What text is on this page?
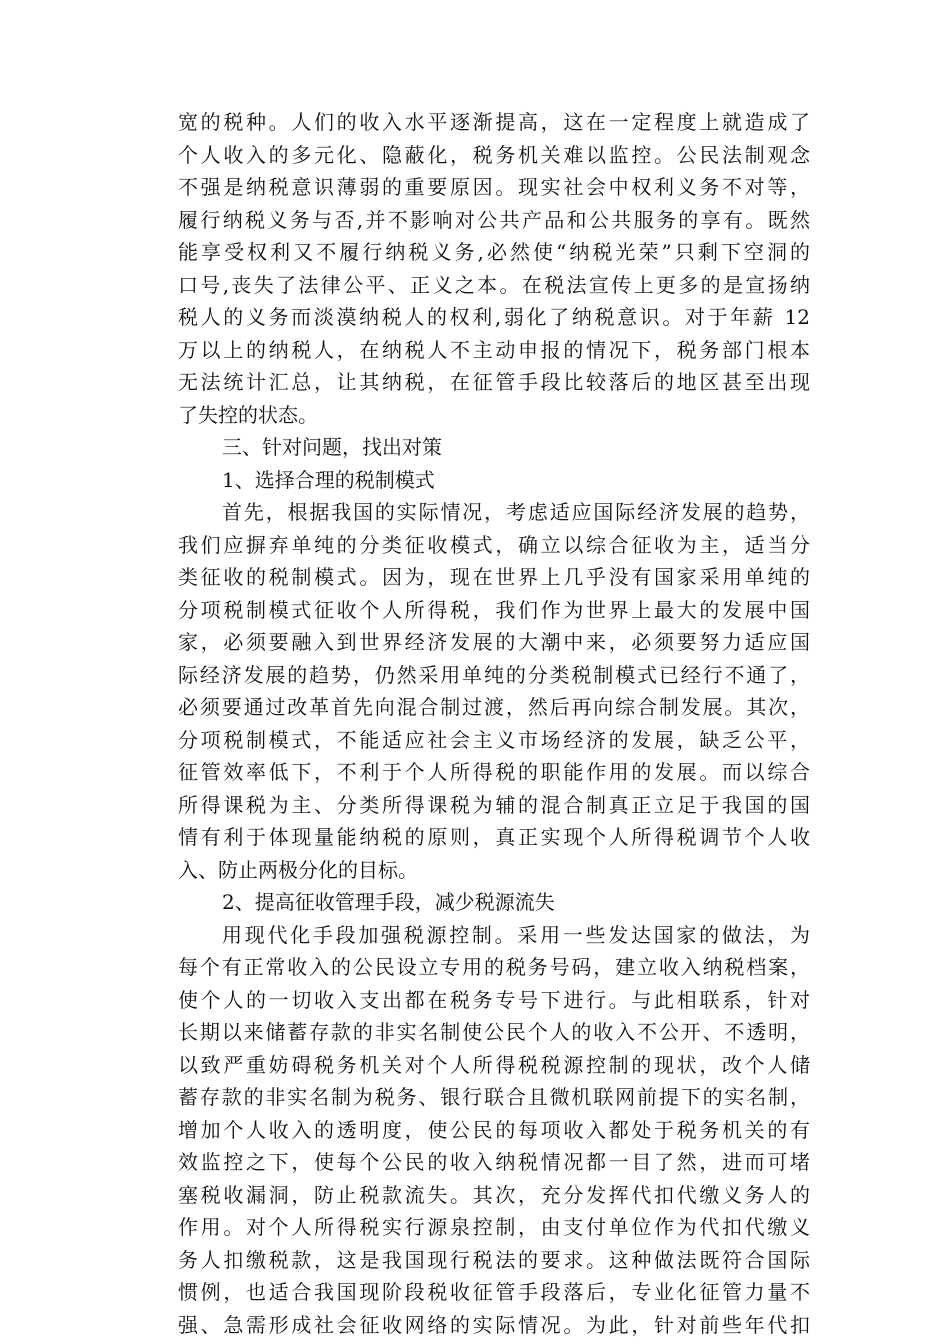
宽的税种。人们的收入水平逐渐提高，这在一定程度上就造成了
个人收入的多元化、隐蔽化，税务机关难以监控。公民法制观念
不强是纳税意识薄弱的重要原因。现实社会中权利义务不对等，
履行纳税义务与否,并不影响对公共产品和公共服务的享有。既然
能享受权利又不履行纳税义务,必然使“纳税光荣”只剩下空洞的
口号,丧失了法律公平、正义之本。在税法宣传上更多的是宣扬纳
税人的义务而淡漠纳税人的权利,弱化了纳税意识。对于年薪 12
万以上的纳税人，在纳税人不主动申报的情况下，税务部门根本
无法统计汇总，让其纳税，在征管手段比较落后的地区甚至出现
了失控的状态。
三、针对问题，找出对策
1、选择合理的税制模式
首先，根据我国的实际情况，考虑适应国际经济发展的趋势，
我们应摒弃单纯的分类征收模式，确立以综合征收为主，适当分
类征收的税制模式。因为，现在世界上几乎没有国家采用单纯的
分项税制模式征收个人所得税，我们作为世界上最大的发展中国
家，必须要融入到世界经济发展的大潮中来，必须要努力适应国
际经济发展的趋势，仍然采用单纯的分类税制模式已经行不通了，
必须要通过改革首先向混合制过渡，然后再向综合制发展。其次，
分项税制模式，不能适应社会主义市场经济的发展，缺乏公平，
征管效率低下，不利于个人所得税的职能作用的发展。而以综合
所得课税为主、分类所得课税为辅的混合制真正立足于我国的国
情有利于体现量能纳税的原则，真正实现个人所得税调节个人收
入、防止两极分化的目标。
2、提高征收管理手段，减少税源流失
用现代化手段加强税源控制。采用一些发达国家的做法，为
每个有正常收入的公民设立专用的税务号码，建立收入纳税档案，
使个人的一切收入支出都在税务专号下进行。与此相联系，针对
长期以来储蓄存款的非实名制使公民个人的收入不公开、不透明，
以致严重妨碍税务机关对个人所得税税源控制的现状，改个人储
蓄存款的非实名制为税务、银行联合且微机联网前提下的实名制，
增加个人收入的透明度，使公民的每项收入都处于税务机关的有
效监控之下，使每个公民的收入纳税情况都一目了然，进而可堵
塞税收漏洞，防止税款流失。其次，充分发挥代扣代缴义务人的
作用。对个人所得税实行源泉控制，由支付单位作为代扣代缴义
务人扣缴税款，这是我国现行税法的要求。这种做法既符合国际
惯例，也适合我国现阶段税收征管手段落后，专业化征管力量不
强、急需形成社会征收网络的实际情况。为此，针对前些年代扣
